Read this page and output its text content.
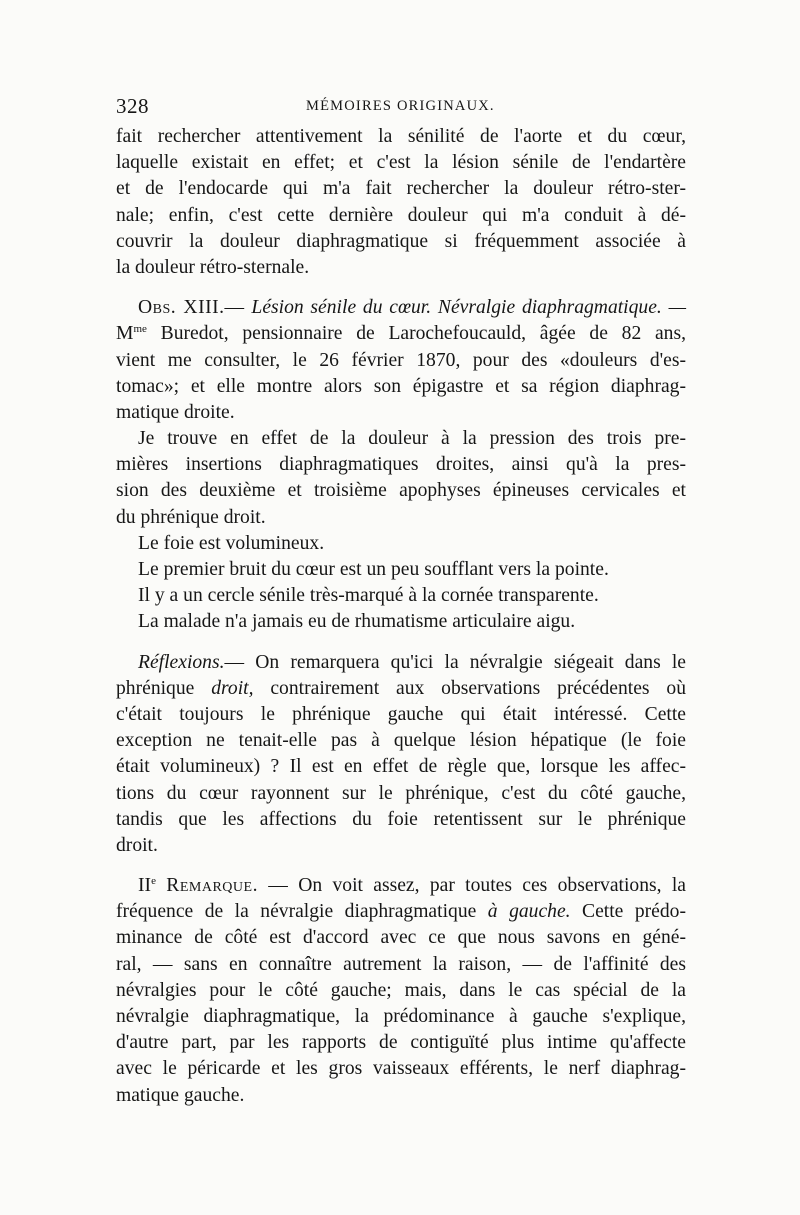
328	MÉMOIRES ORIGINAUX.
fait rechercher attentivement la sénilité de l'aorte et du cœur,
laquelle existait en effet; et c'est la lésion sénile de l'endartère
et de l'endocarde qui m'a fait rechercher la douleur rétro-ster-
nale; enfin, c'est cette dernière douleur qui m'a conduit à dé-
couvrir la douleur diaphragmatique si fréquemment associée à
la douleur rétro-sternale.
Obs. XIII.— Lésion sénile du cœur. Névralgie diaphragmatique. —
$M^{me}$ Buredot, pensionnaire de Larochefoucauld, âgée de 82 ans,
vient me consulter, le 26 février 1870, pour des «douleurs d'es-
tomac»; et elle montre alors son épigastre et sa région diaphrag-
matique droite.
Je trouve en effet de la douleur à la pression des trois pre-
mières insertions diaphragmatiques droites, ainsi qu'à la pres-
sion des deuxième et troisième apophyses épineuses cervicales et
du phrénique droit.
Le foie est volumineux.
Le premier bruit du cœur est un peu soufflant vers la pointe.
Il y a un cercle sénile très-marqué à la cornée transparente.
La malade n'a jamais eu de rhumatisme articulaire aigu.
Réflexions.— On remarquera qu'ici la névralgie siégeait dans le
phrénique droit, contrairement aux observations précédentes où
c'était toujours le phrénique gauche qui était intéressé. Cette
exception ne tenait-elle pas à quelque lésion hépatique (le foie
était volumineux) ? Il est en effet de règle que, lorsque les affec-
tions du cœur rayonnent sur le phrénique, c'est du côté gauche,
tandis que les affections du foie retentissent sur le phrénique
droit.
IIe Remarque. — On voit assez, par toutes ces observations, la
fréquence de la névralgie diaphragmatique à gauche. Cette prédo-
minance de côté est d'accord avec ce que nous savons en géné-
ral, — sans en connaître autrement la raison, — de l'affinité des
névralgies pour le côté gauche; mais, dans le cas spécial de la
névralgie diaphragmatique, la prédominance à gauche s'explique,
d'autre part, par les rapports de contiguïté plus intime qu'affecte
avec le péricarde et les gros vaisseaux efférents, le nerf diaphrag-
matique gauche.
